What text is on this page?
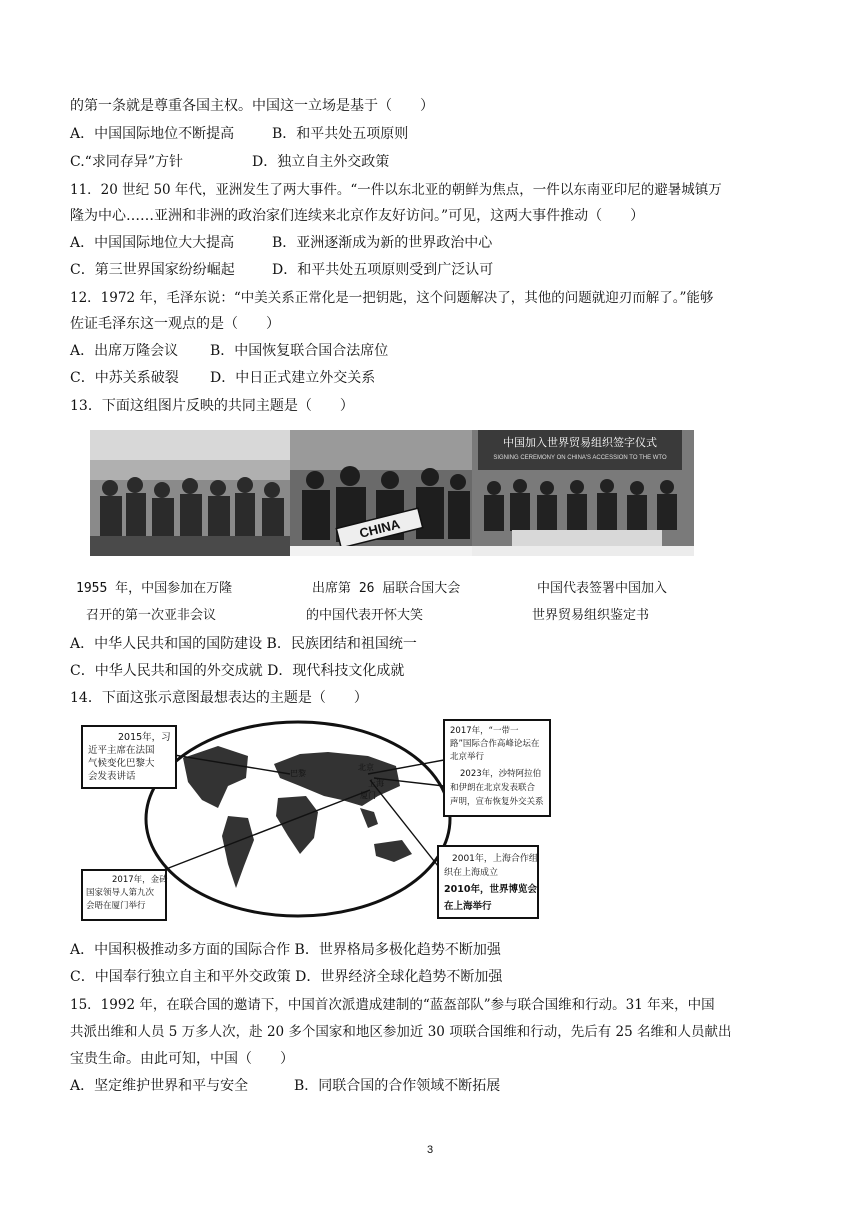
的第一条就是尊重各国主权。中国这一立场是基于（　　）
A．中国国际地位不断提高	B．和平共处五项原则
C.“求同存异”方针	D．独立自主外交政策
11．20 世纪 50 年代，亚洲发生了两大事件。“一件以东北亚的朝鲜为焦点，一件以东南亚印尼的避暑城镇万
隆为中心……亚洲和非洲的政治家们连续来北京作友好访问。”可见，这两大事件推动（　　）
A．中国国际地位大大提高	B．亚洲逐渐成为新的世界政治中心
C．第三世界国家纷纷崛起	D．和平共处五项原则受到广泛认可
12．1972 年，毛泽东说：“中美关系正常化是一把钥匙，这个问题解决了，其他的问题就迎刃而解了。”能够
佐证毛泽东这一观点的是（　　）
A．出席万隆会议 B．中国恢复联合国合法席位
C．中苏关系破裂 D．中日正式建立外交关系
13．下面这组图片反映的共同主题是（　　）
CHINA
中国加入世界贸易组织签字仪式
SIGNING CEREMONY ON CHINA'S ACCESSION TO THE WTO
1955 年，中国参加在万隆
召开的第一次亚非会议
出席第 26 届联合国大会
的中国代表开怀大笑
中国代表签署中国加入
世界贸易组织鉴定书
A．中华人民共和国的国防建设 B．民族团结和祖国统一
C．中华人民共和国的外交成就 D．现代科技文化成就
14．下面这张示意图最想表达的主题是（　　）
巴黎
北京
上海
厦门
2015年，习 近平主席在法国 气候变化巴黎大 会发表讲话
2017年，“一带一 路”国际合作高峰论坛在 北京举行 2023年，沙特阿拉伯 和伊朗在北京发表联合 声明，宣布恢复外交关系
2001年，上海合作组 织在上海成立 2010年，世界博览会 在上海举行
2017年，金砖 国家领导人第九次 会晤在厦门举行
A．中国积极推动多方面的国际合作 B．世界格局多极化趋势不断加强
C．中国奉行独立自主和平外交政策 D．世界经济全球化趋势不断加强
15．1992 年，在联合国的邀请下，中国首次派遣成建制的“蓝盔部队”参与联合国维和行动。31 年来，中国
共派出维和人员 5 万多人次，赴 20 多个国家和地区参加近 30 项联合国维和行动，先后有 25 名维和人员献出
宝贵生命。由此可知，中国（　　）
A．坚定维护世界和平与安全	B．同联合国的合作领域不断拓展
3
